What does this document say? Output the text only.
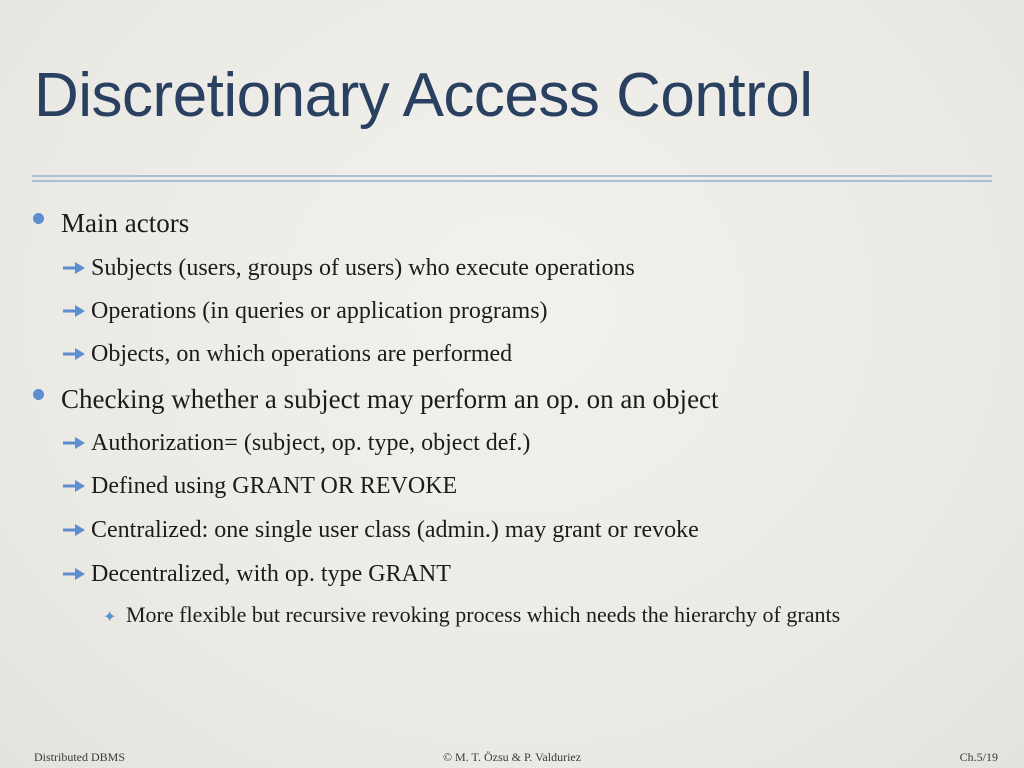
Discretionary Access Control
Main actors
Subjects (users, groups of users) who execute operations
Operations (in queries or application programs)
Objects, on which operations are performed
Checking whether a subject may perform an op. on an object
Authorization= (subject, op. type, object def.)
Defined using GRANT OR REVOKE
Centralized: one single user class (admin.) may grant or revoke
Decentralized, with op. type GRANT
✦ More flexible but recursive revoking process which needs the hierarchy of grants
Distributed DBMS	© M. T. Özsu & P. Valduriez	Ch.5/19
